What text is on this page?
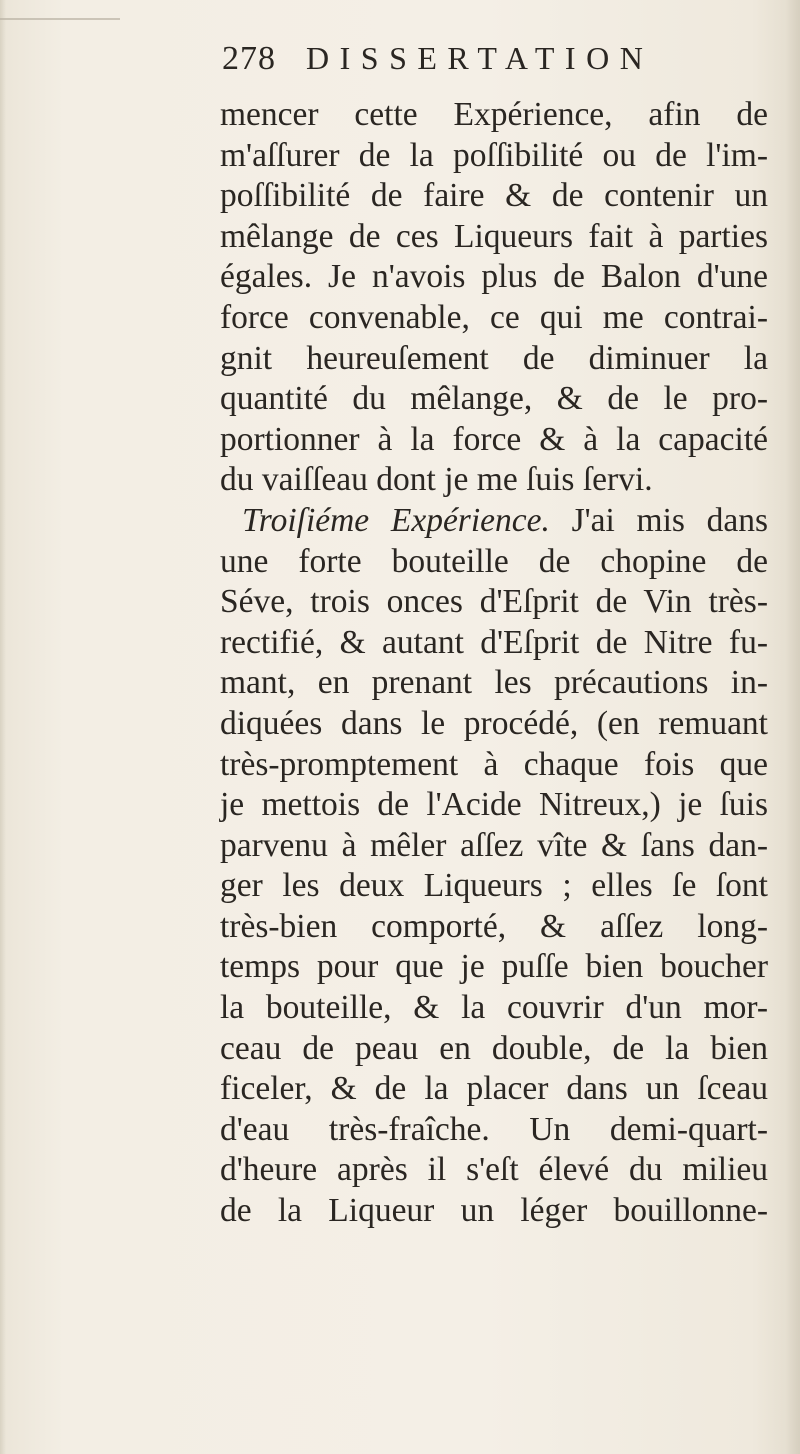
278 DISSERTATION
mencer cette Expérience, afin de
m'aſſurer de la poſſibilité ou de l'im-
poſſibilité de faire & de contenir un
mêlange de ces Liqueurs fait à parties
égales. Je n'avois plus de Balon d'une
force convenable, ce qui me contrai-
gnit heureuſement de diminuer la
quantité du mêlange, & de le pro-
portionner à la force & à la capacité
du vaiſſeau dont je me ſuis ſervi.
Troiſiéme Expérience. J'ai mis dans
une forte bouteille de chopine de
Séve, trois onces d'Eſprit de Vin très-
rectifié, & autant d'Eſprit de Nitre fu-
mant, en prenant les précautions in-
diquées dans le procédé, (en remuant
très-promptement à chaque fois que
je mettois de l'Acide Nitreux,) je ſuis
parvenu à mêler aſſez vîte & ſans dan-
ger les deux Liqueurs ; elles ſe ſont
très-bien comporté, & aſſez long-
temps pour que je puſſe bien boucher
la bouteille, & la couvrir d'un mor-
ceau de peau en double, de la bien
ficeler, & de la placer dans un ſceau
d'eau très-fraîche. Un demi-quart-
d'heure après il s'eſt élevé du milieu
de la Liqueur un léger bouillonne-
